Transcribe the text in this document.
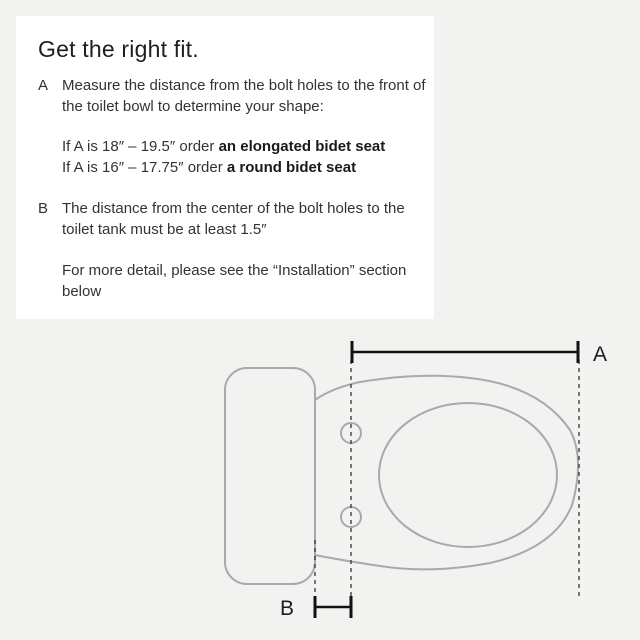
Get the right fit.
A Measure the distance from the bolt holes to the front of the toilet bowl to determine your shape:
If A is 18″ – 19.5″ order an elongated bidet seat
If A is 16″ – 17.75″ order a round bidet seat
B The distance from the center of the bolt holes to the toilet tank must be at least 1.5″
For more detail, please see the “Installation” section below
A
B
